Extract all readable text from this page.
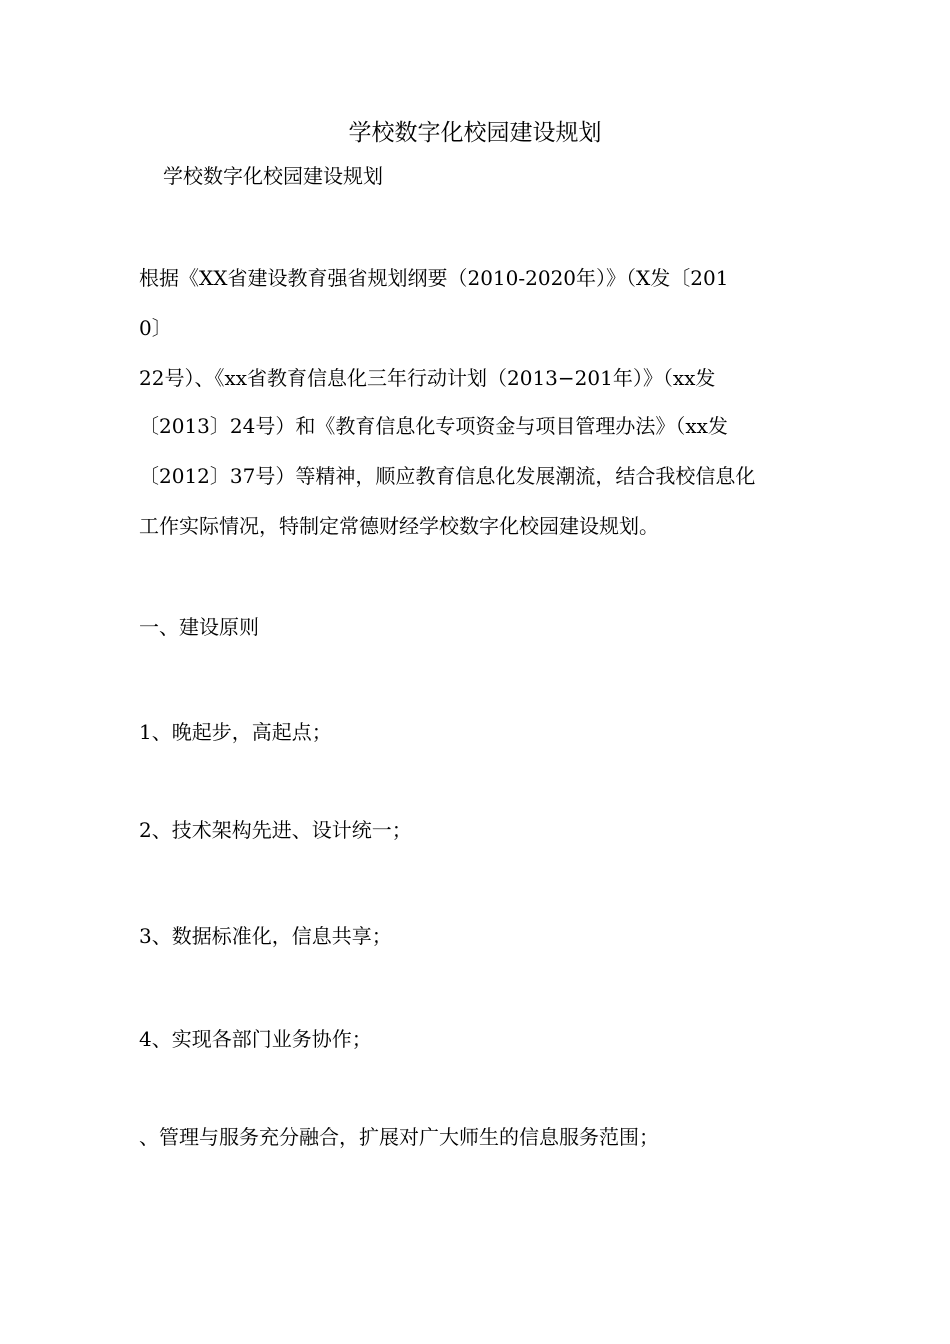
学校数字化校园建设规划
学校数字化校园建设规划
根据《XX省建设教育强省规划纲要（2010-2020年）》（X发〔201
0〕
22号）、《xx省教育信息化三年行动计划（2013−201年）》（xx发
〔2013〕24号）和《教育信息化专项资金与项目管理办法》（xx发
〔2012〕37号）等精神，顺应教育信息化发展潮流，结合我校信息化
工作实际情况，特制定常德财经学校数字化校园建设规划。
一、建设原则
1、晚起步，高起点；
2、技术架构先进、设计统一；
3、数据标准化，信息共享；
4、实现各部门业务协作；
、管理与服务充分融合，扩展对广大师生的信息服务范围；
